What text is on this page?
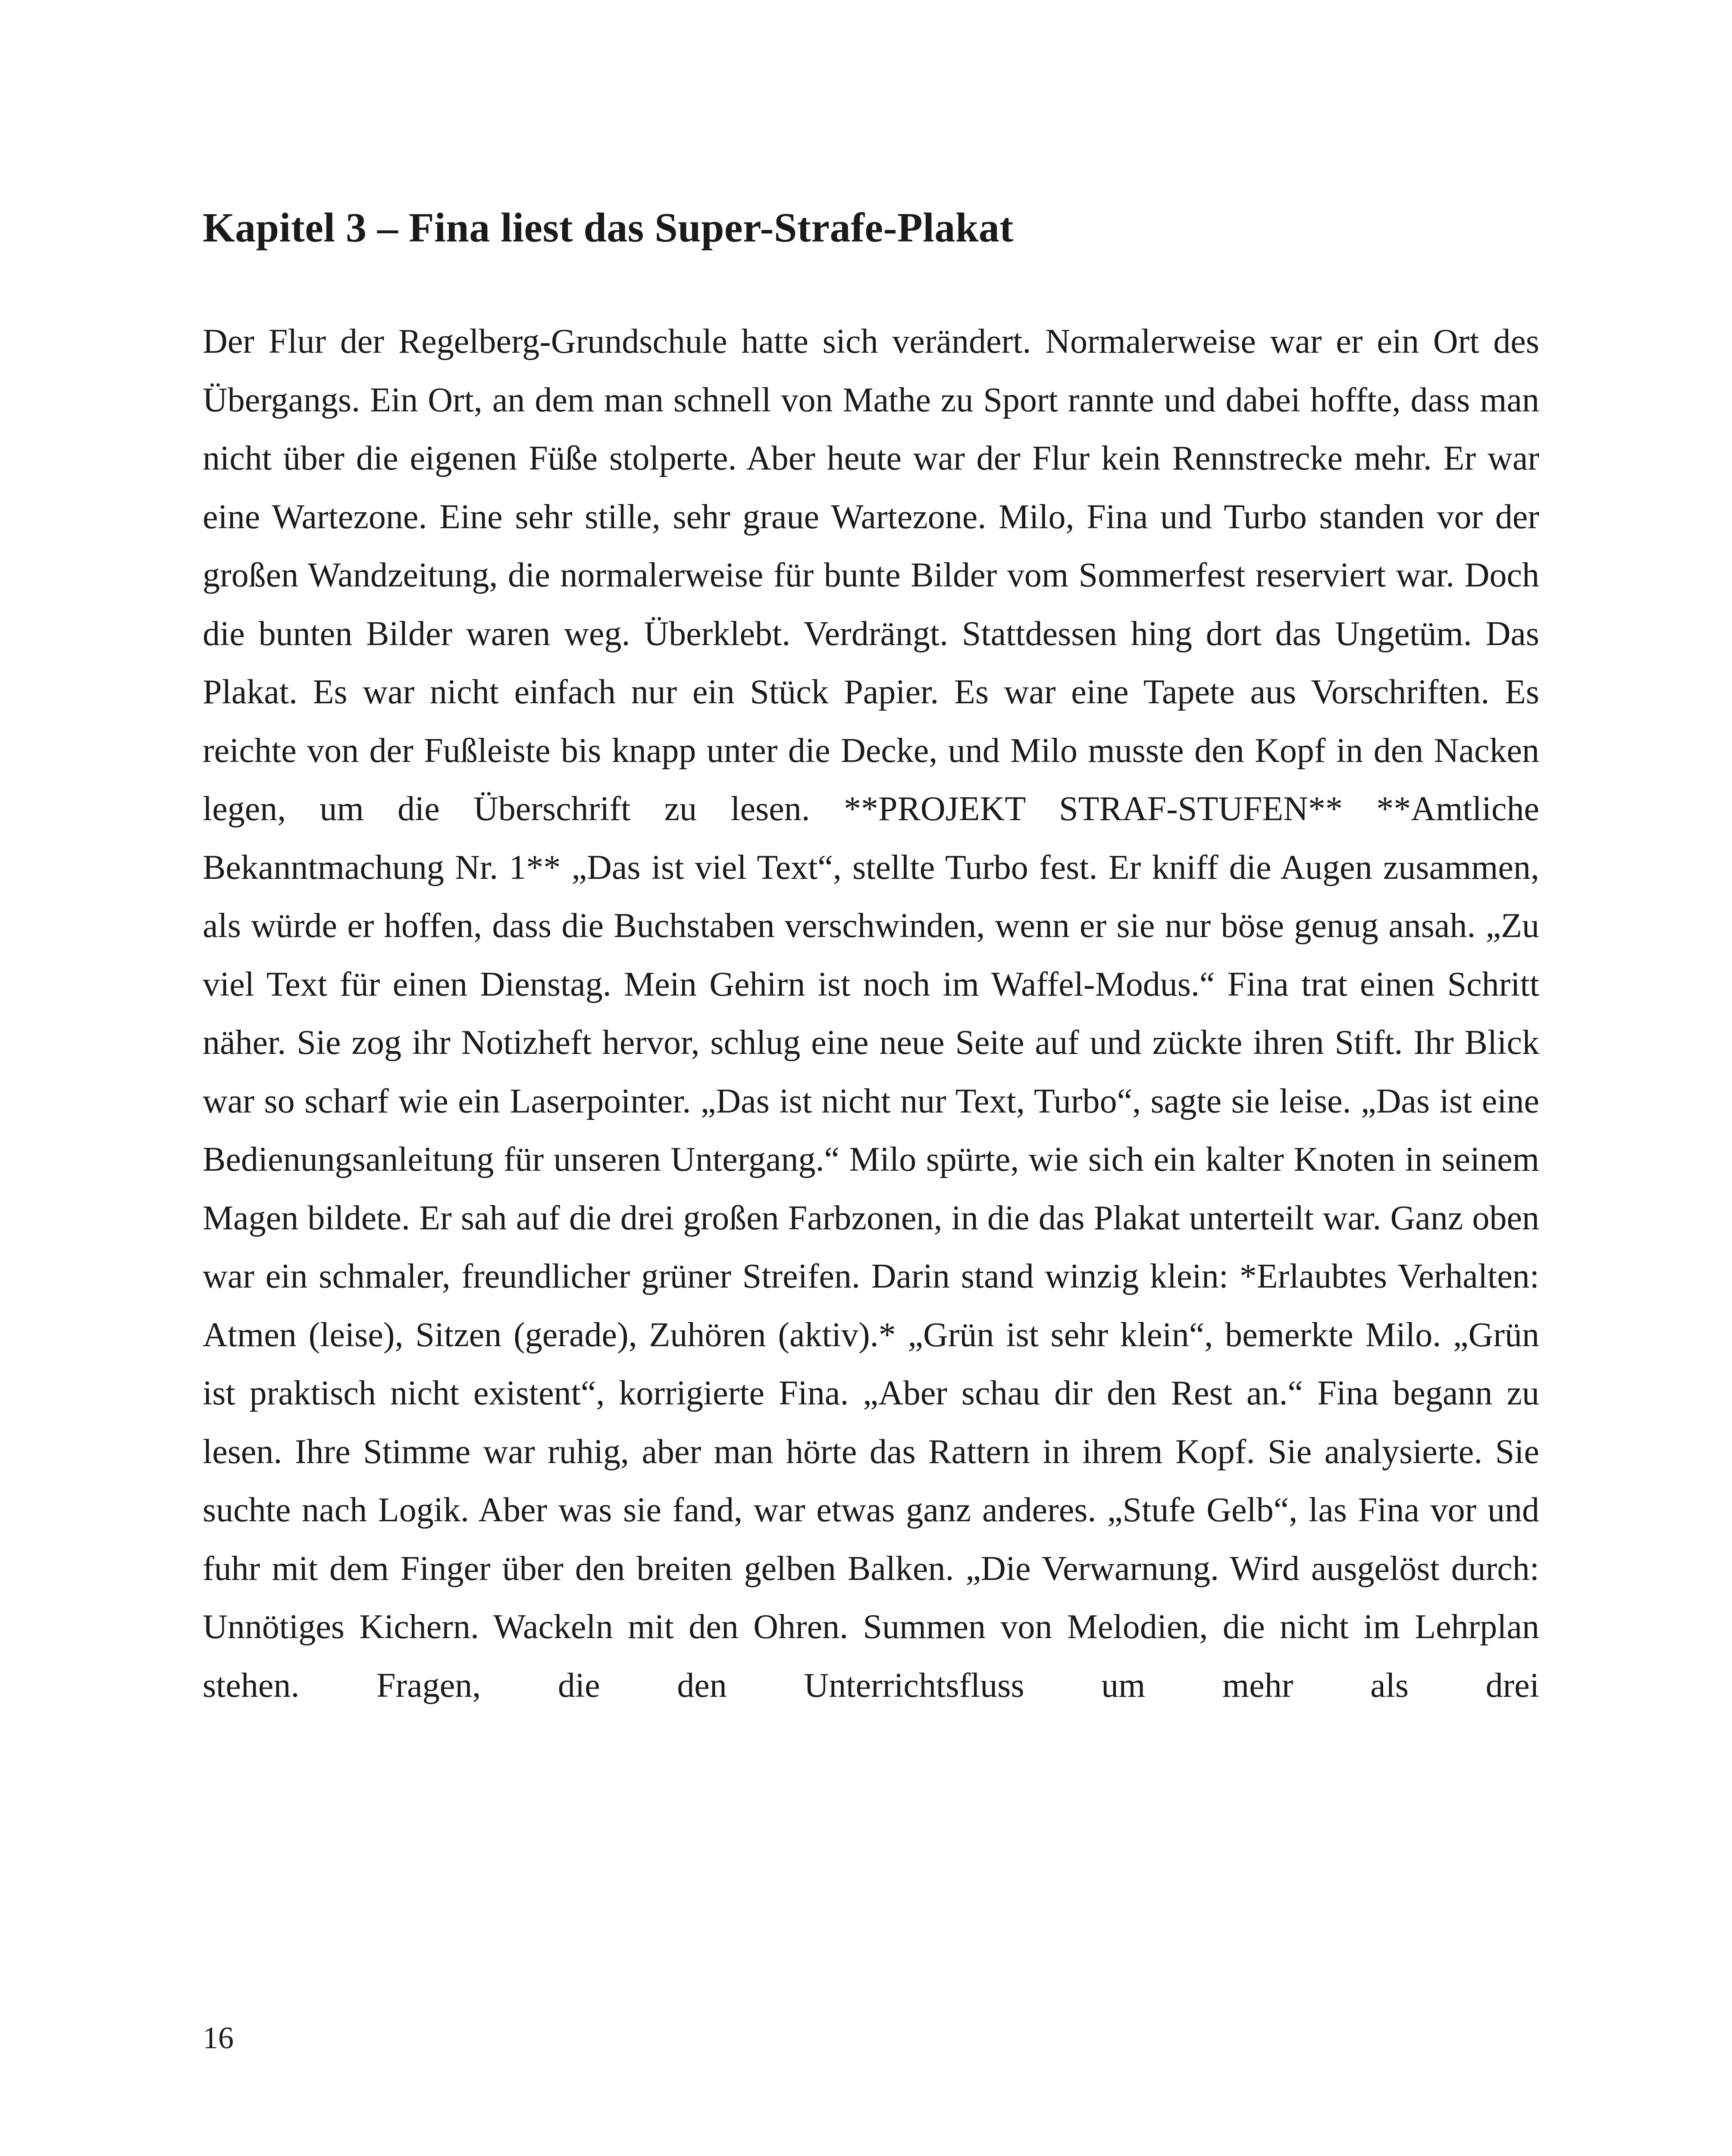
Kapitel 3 – Fina liest das Super-Strafe-Plakat

Der Flur der Regelberg-Grundschule hatte sich verändert. Normalerweise war er ein Ort des Übergangs. Ein Ort, an dem man schnell von Mathe zu Sport rannte und dabei hoffte, dass man nicht über die eigenen Füße stolperte. Aber heute war der Flur kein Rennstrecke mehr. Er war eine Wartezone. Eine sehr stille, sehr graue Wartezone. Milo, Fina und Turbo standen vor der großen Wandzeitung, die normalerweise für bunte Bilder vom Sommerfest reserviert war. Doch die bunten Bilder waren weg. Überklebt. Verdrängt. Stattdessen hing dort das Ungetüm. Das Plakat. Es war nicht einfach nur ein Stück Papier. Es war eine Tapete aus Vorschriften. Es reichte von der Fußleiste bis knapp unter die Decke, und Milo musste den Kopf in den Nacken legen, um die Überschrift zu lesen. **PROJEKT STRAF-STUFEN** **Amtliche Bekanntmachung Nr. 1** „Das ist viel Text“, stellte Turbo fest. Er kniff die Augen zusammen, als würde er hoffen, dass die Buchstaben verschwinden, wenn er sie nur böse genug ansah. „Zu viel Text für einen Dienstag. Mein Gehirn ist noch im Waffel-Modus.“ Fina trat einen Schritt näher. Sie zog ihr Notizheft hervor, schlug eine neue Seite auf und zückte ihren Stift. Ihr Blick war so scharf wie ein Laserpointer. „Das ist nicht nur Text, Turbo“, sagte sie leise. „Das ist eine Bedienungsanleitung für unseren Untergang.“ Milo spürte, wie sich ein kalter Knoten in seinem Magen bildete. Er sah auf die drei großen Farbzonen, in die das Plakat unterteilt war. Ganz oben war ein schmaler, freundlicher grüner Streifen. Darin stand winzig klein: *Erlaubtes Verhalten: Atmen (leise), Sitzen (gerade), Zuhören (aktiv).* „Grün ist sehr klein“, bemerkte Milo. „Grün ist praktisch nicht existent“, korrigierte Fina. „Aber schau dir den Rest an.“ Fina begann zu lesen. Ihre Stimme war ruhig, aber man hörte das Rattern in ihrem Kopf. Sie analysierte. Sie suchte nach Logik. Aber was sie fand, war etwas ganz anderes. „Stufe Gelb“, las Fina vor und fuhr mit dem Finger über den breiten gelben Balken. „Die Verwarnung. Wird ausgelöst durch: Unnötiges Kichern. Wackeln mit den Ohren. Summen von Melodien, die nicht im Lehrplan stehen. Fragen, die den Unterrichtsfluss um mehr als drei

16
